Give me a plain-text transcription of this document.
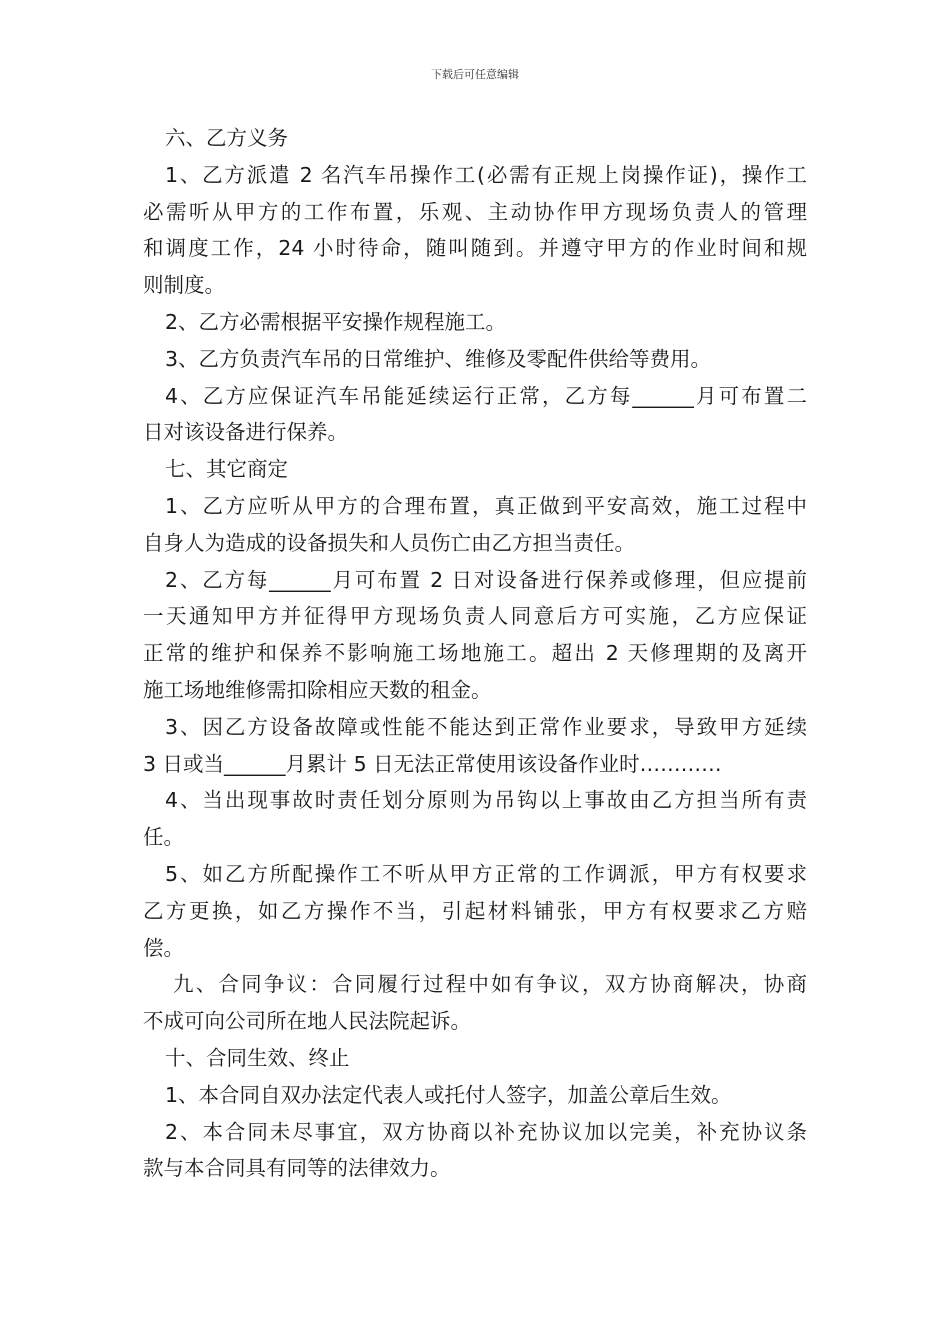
下载后可任意编辑
六、乙方义务
1、乙方派遣 2 名汽车吊操作工(必需有正规上岗操作证)，操作工
必需听从甲方的工作布置，乐观、主动协作甲方现场负责人的管理
和调度工作，24 小时待命，随叫随到。并遵守甲方的作业时间和规
则制度。
2、乙方必需根据平安操作规程施工。
3、乙方负责汽车吊的日常维护、维修及零配件供给等费用。
4、乙方应保证汽车吊能延续运行正常，乙方每______月可布置二
日对该设备进行保养。
七、其它商定
1、乙方应听从甲方的合理布置，真正做到平安高效，施工过程中
自身人为造成的设备损失和人员伤亡由乙方担当责任。
2、乙方每______月可布置 2 日对设备进行保养或修理，但应提前
一天通知甲方并征得甲方现场负责人同意后方可实施，乙方应保证
正常的维护和保养不影响施工场地施工。超出 2 天修理期的及离开
施工场地维修需扣除相应天数的租金。
3、因乙方设备故障或性能不能达到正常作业要求，导致甲方延续
3 日或当______月累计 5 日无法正常使用该设备作业时…………
4、当出现事故时责任划分原则为吊钩以上事故由乙方担当所有责
任。
5、如乙方所配操作工不听从甲方正常的工作调派，甲方有权要求
乙方更换，如乙方操作不当，引起材料铺张，甲方有权要求乙方赔
偿。
九、合同争议：合同履行过程中如有争议，双方协商解决，协商
不成可向公司所在地人民法院起诉。
十、合同生效、终止
1、本合同自双办法定代表人或托付人签字，加盖公章后生效。
2、本合同未尽事宜，双方协商以补充协议加以完美，补充协议条
款与本合同具有同等的法律效力。
